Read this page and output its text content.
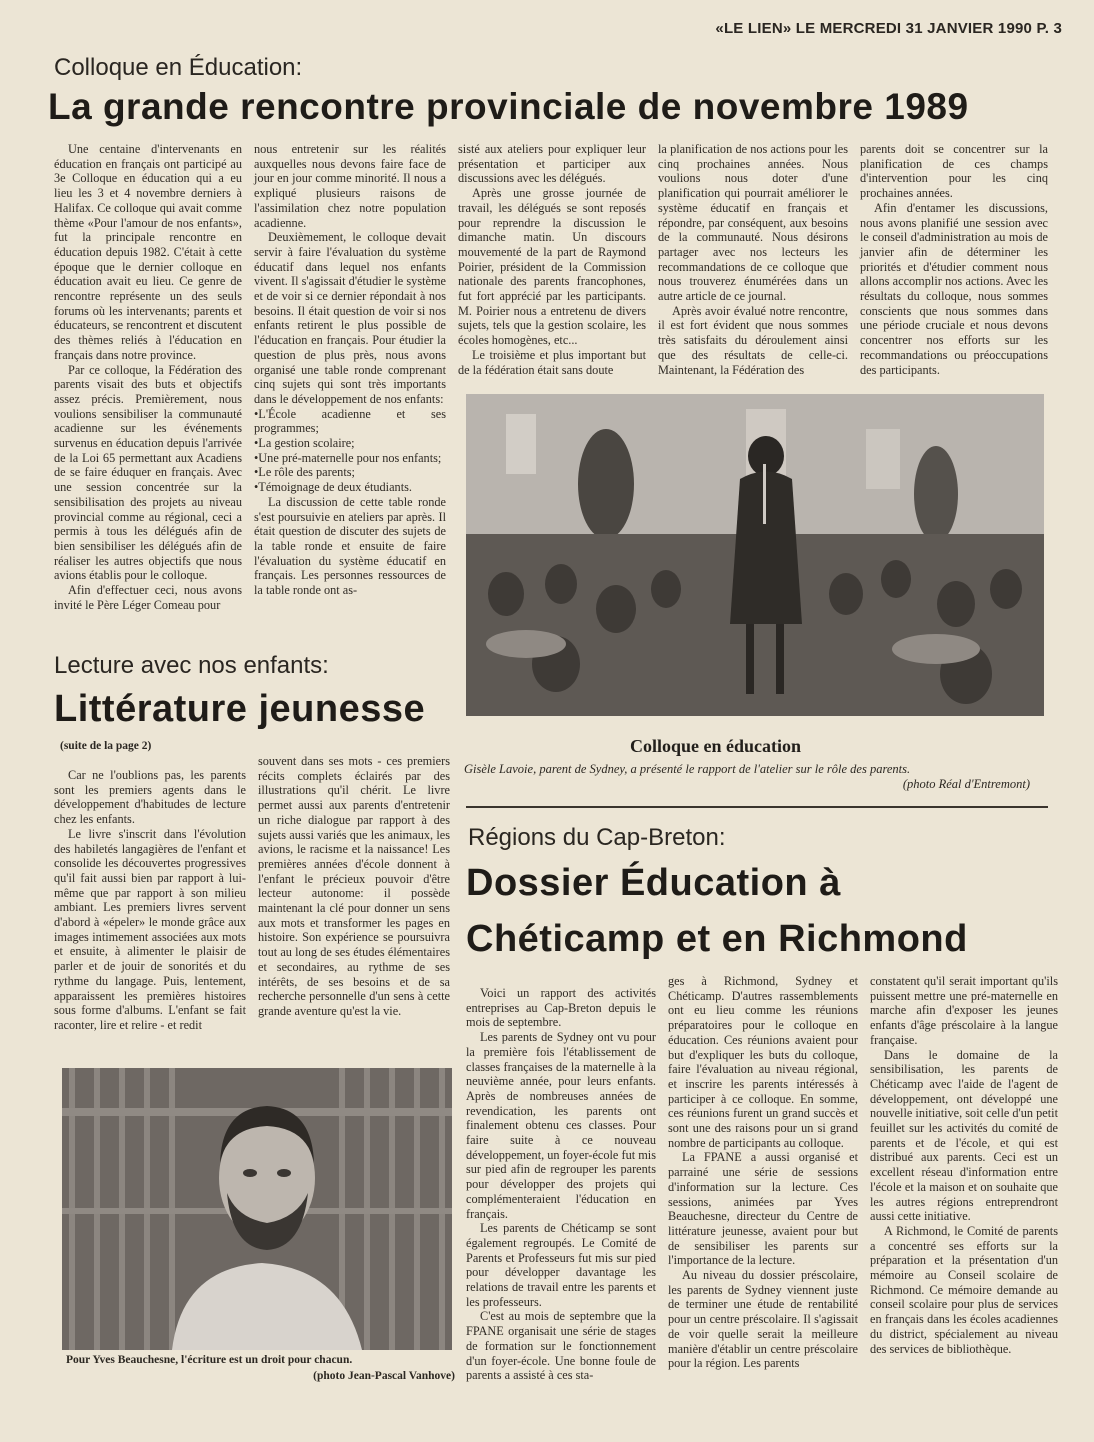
«LE LIEN» LE MERCREDI 31 JANVIER 1990 P. 3
Colloque en Éducation:
La grande rencontre provinciale de novembre 1989

Une centaine d'intervenants en éducation en français ont participé au 3e Colloque en éducation qui a eu lieu les 3 et 4 novembre derniers à Halifax. Ce colloque qui avait comme thème «Pour l'amour de nos enfants», fut la principale rencontre en éducation depuis 1982. C'était à cette époque que le dernier colloque en éducation avait eu lieu. Ce genre de rencontre représente un des seuls forums où les intervenants; parents et éducateurs, se rencontrent et discutent des thèmes reliés à l'éducation en français dans notre province.

Par ce colloque, la Fédération des parents visait des buts et objectifs assez précis. Premièrement, nous voulions sensibiliser la communauté acadienne sur les événements survenus en éducation depuis l'arrivée de la Loi 65 permettant aux Acadiens de se faire éduquer en français. Avec une session concentrée sur la sensibilisation des projets au niveau provincial comme au régional, ceci a permis à tous les délégués afin de bien sensibiliser les délégués afin de réaliser les autres objectifs que nous avions établis pour le colloque.

Afin d'effectuer ceci, nous avons invité le Père Léger Comeau pour

nous entretenir sur les réalités auxquelles nous devons faire face de jour en jour comme minorité. Il nous a expliqué plusieurs raisons de l'assimilation chez notre population acadienne.

Deuxièmement, le colloque devait servir à faire l'évaluation du système éducatif dans lequel nos enfants vivent. Il s'agissait d'étudier le système et de voir si ce dernier répondait à nos besoins. Il était question de voir si nos enfants retirent le plus possible de l'éducation en français. Pour étudier la question de plus près, nous avons organisé une table ronde comprenant cinq sujets qui sont très importants dans le développement de nos enfants:

•L'École acadienne et ses programmes;

•La gestion scolaire;

•Une pré-maternelle pour nos enfants;

•Le rôle des parents;

•Témoignage de deux étudiants.

La discussion de cette table ronde s'est poursuivie en ateliers par après. Il était question de discuter des sujets de la table ronde et ensuite de faire l'évaluation du système éducatif en français. Les personnes ressources de la table ronde ont as-

sisté aux ateliers pour expliquer leur présentation et participer aux discussions avec les délégués.

Après une grosse journée de travail, les délégués se sont reposés pour reprendre la discussion le dimanche matin. Un discours mouvementé de la part de Raymond Poirier, président de la Commission nationale des parents francophones, fut fort apprécié par les participants. M. Poirier nous a entretenu de divers sujets, tels que la gestion scolaire, les écoles homogènes, etc...

Le troisième et plus important but de la fédération était sans doute

la planification de nos actions pour les cinq prochaines années. Nous voulions nous doter d'une planification qui pourrait améliorer le système éducatif en français et répondre, par conséquent, aux besoins de la communauté. Nous désirons partager avec nos lecteurs les recommandations de ce colloque que nous trouverez énumérées dans un autre article de ce journal.

Après avoir évalué notre rencontre, il est fort évident que nous sommes très satisfaits du déroulement ainsi que des résultats de celle-ci. Maintenant, la Fédération des

parents doit se concentrer sur la planification de ces champs d'intervention pour les cinq prochaines années.

Afin d'entamer les discussions, nous avons planifié une session avec le conseil d'administration au mois de janvier afin de déterminer les priorités et d'étudier comment nous allons accomplir nos actions. Avec les résultats du colloque, nous sommes conscients que nous sommes dans une période cruciale et nous devons concentrer nos efforts sur les recommandations ou préoccupations des participants.

Colloque en éducation
Gisèle Lavoie, parent de Sydney, a présenté le rapport de l'atelier sur le rôle des parents.
(photo Réal d'Entremont)
Lecture avec nos enfants:
Littérature jeunesse
(suite de la page 2)

Car ne l'oublions pas, les parents sont les premiers agents dans le développement d'habitudes de lecture chez les enfants.

Le livre s'inscrit dans l'évolution des habiletés langagières de l'enfant et consolide les découvertes progressives qu'il fait aussi bien par rapport à lui-même que par rapport à son milieu ambiant. Les premiers livres servent d'abord à «épeler» le monde grâce aux images intimement associées aux mots et ensuite, à alimenter le plaisir de parler et de jouir de sonorités et du rythme du langage. Puis, lentement, apparaissent les premières histoires sous forme d'albums. L'enfant se fait raconter, lire et relire - et redit

souvent dans ses mots - ces premiers récits complets éclairés par des illustrations qu'il chérit. Le livre permet aussi aux parents d'entretenir un riche dialogue par rapport à des sujets aussi variés que les animaux, les avions, le racisme et la naissance! Les premières années d'école donnent à l'enfant le précieux pouvoir d'être lecteur autonome: il possède maintenant la clé pour donner un sens aux mots et transformer les pages en histoire. Son expérience se poursuivra tout au long de ses études élémentaires et secondaires, au rythme de ses intérêts, de ses besoins et de sa recherche personnelle d'un sens à cette grande aventure qu'est la vie.

Pour Yves Beauchesne, l'écriture est un droit pour chacun.
(photo Jean-Pascal Vanhove)
Régions du Cap-Breton:
Dossier Éducation à
Chéticamp et en Richmond

Voici un rapport des activités entreprises au Cap-Breton depuis le mois de septembre.

Les parents de Sydney ont vu pour la première fois l'établissement de classes françaises de la maternelle à la neuvième année, pour leurs enfants. Après de nombreuses années de revendication, les parents ont finalement obtenu ces classes. Pour faire suite à ce nouveau développement, un foyer-école fut mis sur pied afin de regrouper les parents pour développer des projets qui complémenteraient l'éducation en français.

Les parents de Chéticamp se sont également regroupés. Le Comité de Parents et Professeurs fut mis sur pied pour développer davantage les relations de travail entre les parents et les professeurs.

C'est au mois de septembre que la FPANE organisait une série de stages de formation sur le fonctionnement d'un foyer-école. Une bonne foule de parents a assisté à ces sta-

ges à Richmond, Sydney et Chéticamp. D'autres rassemblements ont eu lieu comme les réunions préparatoires pour le colloque en éducation. Ces réunions avaient pour but d'expliquer les buts du colloque, faire l'évaluation au niveau régional, et inscrire les parents intéressés à participer à ce colloque. En somme, ces réunions furent un grand succès et sont une des raisons pour un si grand nombre de participants au colloque.

La FPANE a aussi organisé et parrainé une série de sessions d'information sur la lecture. Ces sessions, animées par Yves Beauchesne, directeur du Centre de littérature jeunesse, avaient pour but de sensibiliser les parents sur l'importance de la lecture.

Au niveau du dossier préscolaire, les parents de Sydney viennent juste de terminer une étude de rentabilité pour un centre préscolaire. Il s'agissait de voir quelle serait la meilleure manière d'établir un centre préscolaire pour la région. Les parents

constatent qu'il serait important qu'ils puissent mettre une pré-maternelle en marche afin d'exposer les jeunes enfants d'âge préscolaire à la langue française.

Dans le domaine de la sensibilisation, les parents de Chéticamp avec l'aide de l'agent de développement, ont développé une nouvelle initiative, soit celle d'un petit feuillet sur les activités du comité de parents et de l'école, et qui est distribué aux parents. Ceci est un excellent réseau d'information entre l'école et la maison et on souhaite que les autres régions entreprendront aussi cette initiative.

A Richmond, le Comité de parents a concentré ses efforts sur la préparation et la présentation d'un mémoire au Conseil scolaire de Richmond. Ce mémoire demande au conseil scolaire pour plus de services en français dans les écoles acadiennes du district, spécialement au niveau des services de bibliothèque.
